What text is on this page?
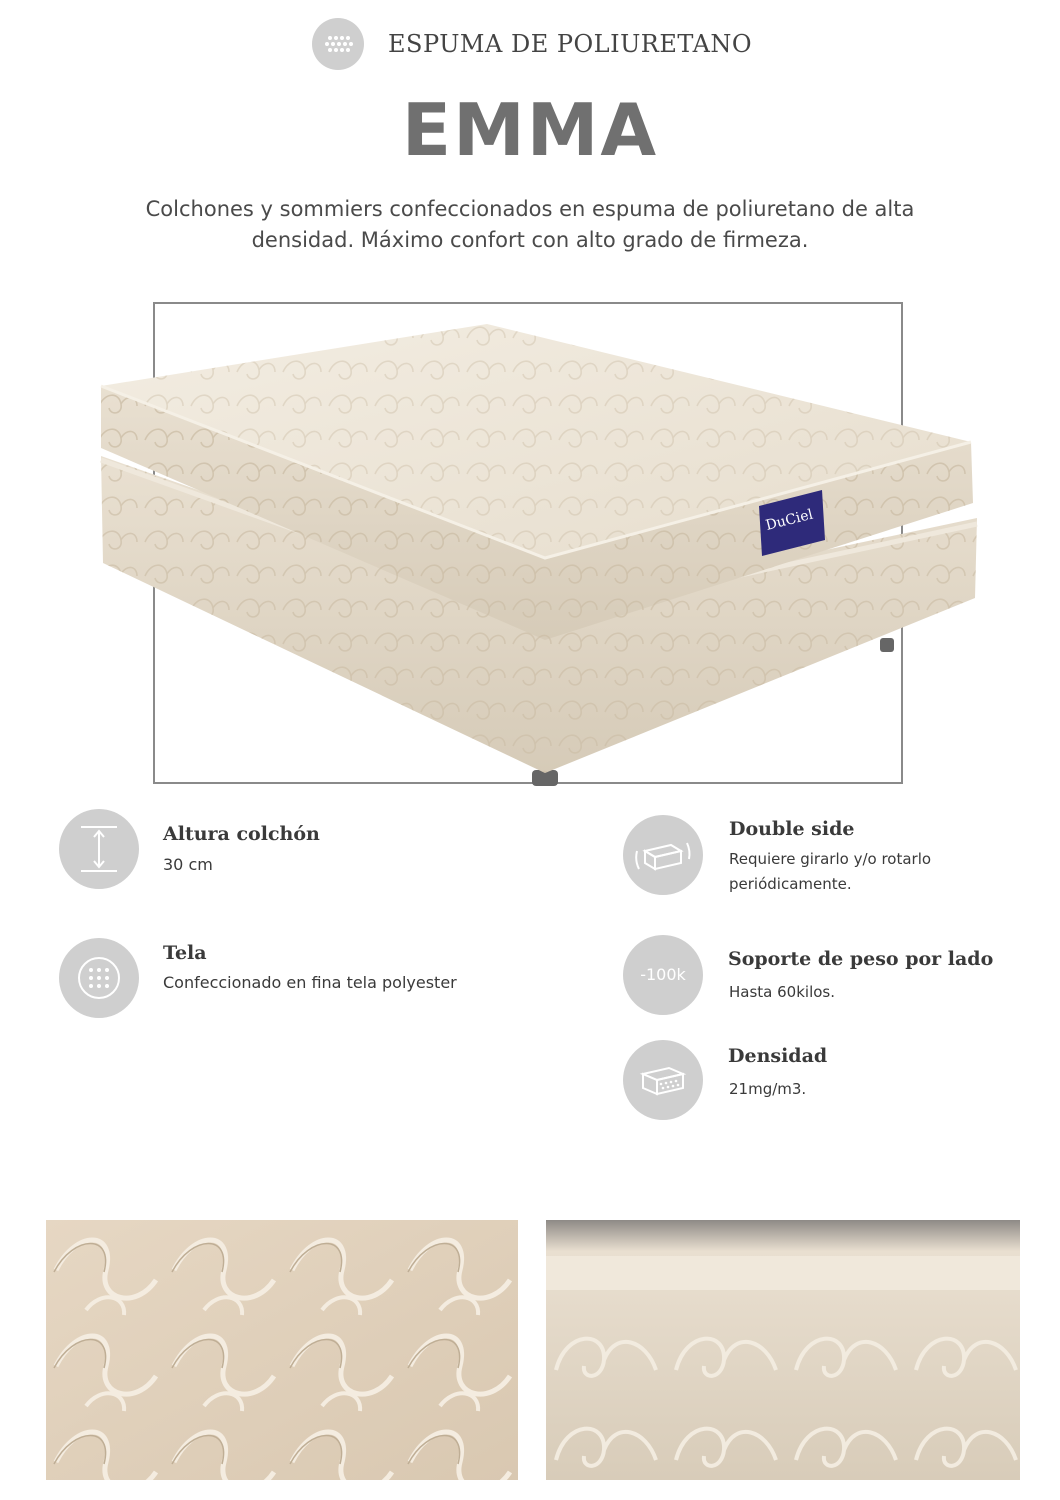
ESPUMA DE POLIURETANO
EMMA
Colchones y sommiers confeccionados en espuma de poliuretano de alta densidad. Máximo confort con alto grado de firmeza.
DuCiel
Altura colchón
30 cm
Tela
Confeccionado en fina tela polyester
Double side
Requiere girarlo y/o rotarlo periódicamente.
-100k
Soporte de peso por lado
Hasta 60kilos.
Densidad
21mg/m3.
